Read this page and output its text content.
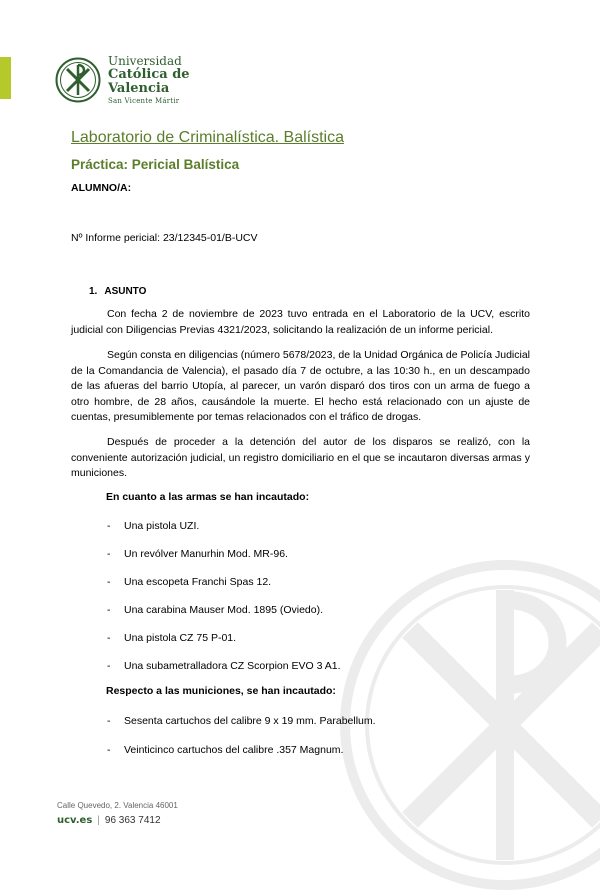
Universidad
Católica de
Valencia
San Vicente Mártir
Laboratorio de Criminalística. Balística
Práctica: Pericial Balística
ALUMNO/A:
Nº Informe pericial: 23/12345-01/B-UCV
1. ASUNTO

Con fecha 2 de noviembre de 2023 tuvo entrada en el Laboratorio de la UCV, escrito judicial con Diligencias Previas 4321/2023, solicitando la realización de un informe pericial.

Según consta en diligencias (número 5678/2023, de la Unidad Orgánica de Policía Judicial de la Comandancia de Valencia), el pasado día 7 de octubre, a las 10:30 h., en un descampado de las afueras del barrio Utopía, al parecer, un varón disparó dos tiros con un arma de fuego a otro hombre, de 28 años, causándole la muerte. El hecho está relacionado con un ajuste de cuentas, presumiblemente por temas relacionados con el tráfico de drogas.

Después de proceder a la detención del autor de los disparos se realizó, con la conveniente autorización judicial, un registro domiciliario en el que se incautaron diversas armas y municiones.

En cuanto a las armas se han incautado:
- Una pistola UZI.
- Un revólver Manurhin Mod. MR-96.
- Una escopeta Franchi Spas 12.
- Una carabina Mauser Mod. 1895 (Oviedo).
- Una pistola CZ 75 P-01.
- Una subametralladora CZ Scorpion EVO 3 A1.
Respecto a las municiones, se han incautado:
- Sesenta cartuchos del calibre 9 x 19 mm. Parabellum.
- Veinticinco cartuchos del calibre .357 Magnum.
Calle Quevedo, 2. Valencia 46001
ucv.es | 96 363 7412
